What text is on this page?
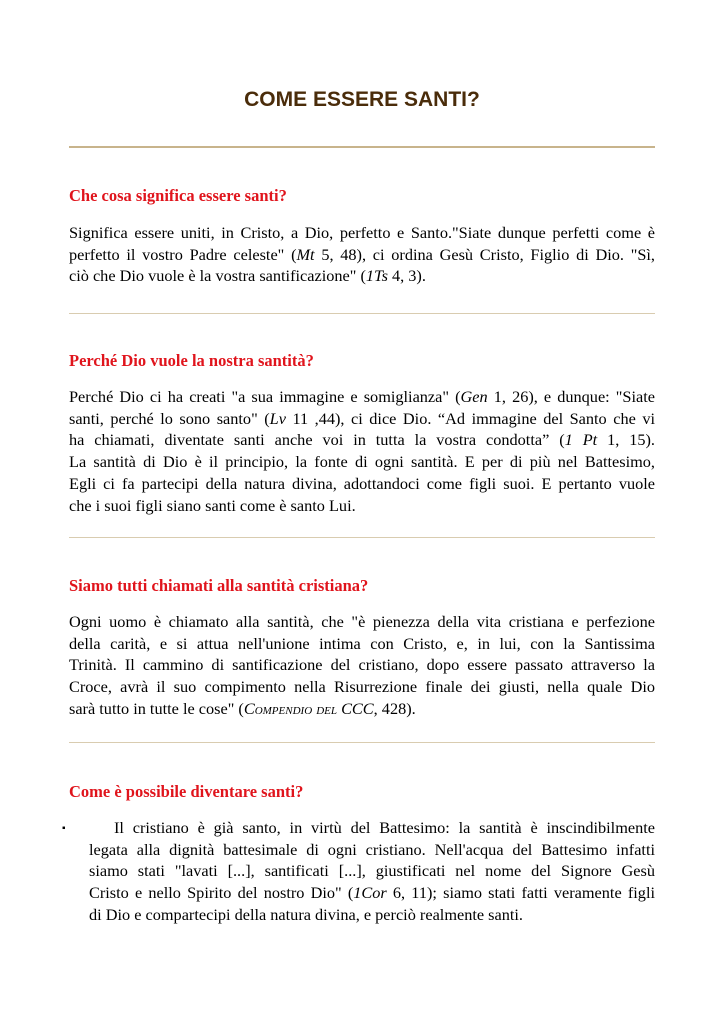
COME ESSERE SANTI?
Che cosa significa essere santi?
Significa essere uniti, in Cristo, a Dio, perfetto e Santo."Siate dunque perfetti come è
perfetto il vostro Padre celeste" (Mt 5, 48), ci ordina Gesù Cristo, Figlio di Dio. "Sì,
ciò che Dio vuole è la vostra santificazione" (1Ts 4, 3).
Perché Dio vuole la nostra santità?
Perché Dio ci ha creati "a sua immagine e somiglianza" (Gen 1, 26), e dunque: "Siate
santi, perché lo sono santo" (Lv 11 ,44), ci dice Dio. “Ad immagine del Santo che vi
ha chiamati, diventate santi anche voi in tutta la vostra condotta” (1 Pt 1, 15).
La santità di Dio è il principio, la fonte di ogni santità. E per di più nel Battesimo,
Egli ci fa partecipi della natura divina, adottandoci come figli suoi. E pertanto vuole
che i suoi figli siano santi come è santo Lui.
Siamo tutti chiamati alla santità cristiana?
Ogni uomo è chiamato alla santità, che "è pienezza della vita cristiana e perfezione
della carità, e si attua nell'unione intima con Cristo, e, in lui, con la Santissima
Trinità. Il cammino di santificazione del cristiano, dopo essere passato attraverso la
Croce, avrà il suo compimento nella Risurrezione finale dei giusti, nella quale Dio
sarà tutto in tutte le cose" (Compendio del CCC, 428).
Come è possibile diventare santi?
▪	Il cristiano è già santo, in virtù del Battesimo: la santità è inscindibilmente
legata alla dignità battesimale di ogni cristiano. Nell'acqua del Battesimo infatti
siamo stati "lavati [...], santificati [...], giustificati nel nome del Signore Gesù
Cristo e nello Spirito del nostro Dio" (1Cor 6, 11); siamo stati fatti veramente figli
di Dio e compartecipi della natura divina, e perciò realmente santi.
